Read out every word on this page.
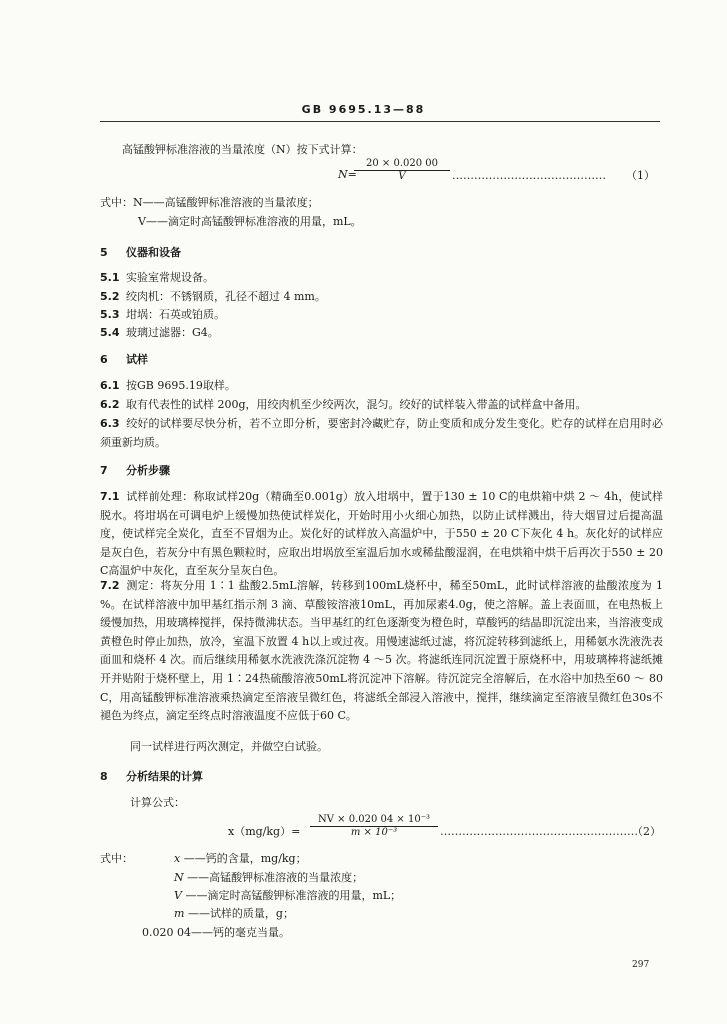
GB 9695.13—88
高锰酸钾标准溶液的当量浓度（N）按下式计算：
N=
$\frac{20 \times 0.020 00}{V}$ …………………………………… （1）
式中：N——高锰酸钾标准溶液的当量浓度；
V——滴定时高锰酸钾标准溶液的用量，mL。
5 仪器和设备
5.1 实验室常规设备。
5.2 绞肉机：不锈钢质，孔径不超过 4 mm。
5.3 坩埚：石英或铂质。
5.4 玻璃过滤器：G4。
6 试样
6.1 按GB 9695.19取样。
6.2 取有代表性的试样 200g，用绞肉机至少绞两次，混匀。绞好的试样装入带盖的试样盒中备用。
6.3 绞好的试样要尽快分析，若不立即分析，要密封冷藏贮存，防止变质和成分发生变化。贮存的试样在启用时必须重新均质。
7 分析步骤
7.1 试样前处理：称取试样20g（精确至0.001g）放入坩埚中，置于130 ± 10 C的电烘箱中烘 2 ～ 4h，使试样脱水。将坩埚在可调电炉上缓慢加热使试样炭化，开始时用小火细心加热，以防止试样溅出，待大烟冒过后提高温度，使试样完全炭化，直至不冒烟为止。炭化好的试样放入高温炉中，于550 ± 20 C下灰化 4 h。灰化好的试样应是灰白色，若灰分中有黑色颗粒时，应取出坩埚放至室温后加水或稀盐酸湿润，在电烘箱中烘干后再次于550 ± 20 C高温炉中灰化，直至灰分呈灰白色。
7.2 测定：将灰分用 1∶1 盐酸2.5mL溶解，转移到100mL烧杯中，稀至50mL，此时试样溶液的盐酸浓度为 1 %。在试样溶液中加甲基红指示剂 3 滴、草酸铵溶液10mL，再加尿素4.0g，使之溶解。盖上表面皿，在电热板上缓慢加热，用玻璃棒搅拌，保持微沸状态。当甲基红的红色逐渐变为橙色时，草酸钙的结晶即沉淀出来，当溶液变成黄橙色时停止加热，放冷，室温下放置 4 h以上或过夜。用慢速滤纸过滤，将沉淀转移到滤纸上，用稀氨水洗液洗表面皿和烧杯 4 次。而后继续用稀氨水洗液洗涤沉淀物 4 ～5 次。将滤纸连同沉淀置于原烧杯中，用玻璃棒将滤纸摊开并贴附于烧杯壁上，用 1∶24热硫酸溶液50mL将沉淀冲下溶解。待沉淀完全溶解后，在水浴中加热至60 ～ 80 C，用高锰酸钾标准溶液乘热滴定至溶液呈微红色，将滤纸全部浸入溶液中，搅拌，继续滴定至溶液呈微红色30s不褪色为终点，滴定至终点时溶液温度不应低于60 C。
同一试样进行两次测定，并做空白试验。
8 分析结果的计算
计算公式：
$x(mg/kg)= \frac{\text{NV × 0.020 04 × 10⁻³}}{\text{m × 10⁻³}}$ ………………………………………………
（2）
式中：	x ——钙的含量，mg/kg；
N ——高锰酸钾标准溶液的当量浓度；
V ——滴定时高锰酸钾标准溶液的用量，mL；
m ——试样的质量，g；
0.020 04——钙的毫克当量。
297
